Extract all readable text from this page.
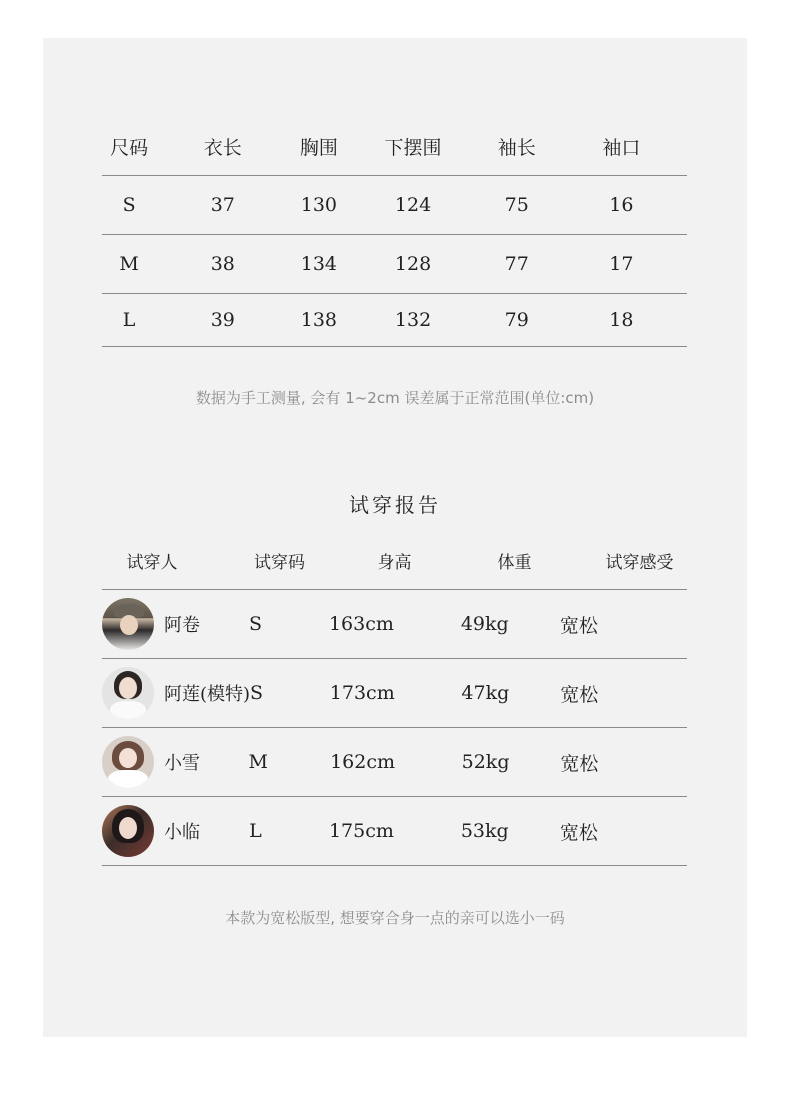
尺码	衣长	胸围	下摆围	袖长	袖口
S	37	130	124	75	16
M	38	134	128	77	17
L	39	138	132	79	18
数据为手工测量, 会有 1~2cm 误差属于正常范围(单位:cm)
试穿报告
试穿人	试穿码	身高	体重	试穿感受
阿卷	S	163cm	49kg	宽松
阿莲(模特) S	173cm	47kg	宽松
小雪	M	162cm	52kg	宽松
小临	L	175cm	53kg	宽松
本款为宽松版型, 想要穿合身一点的亲可以选小一码
